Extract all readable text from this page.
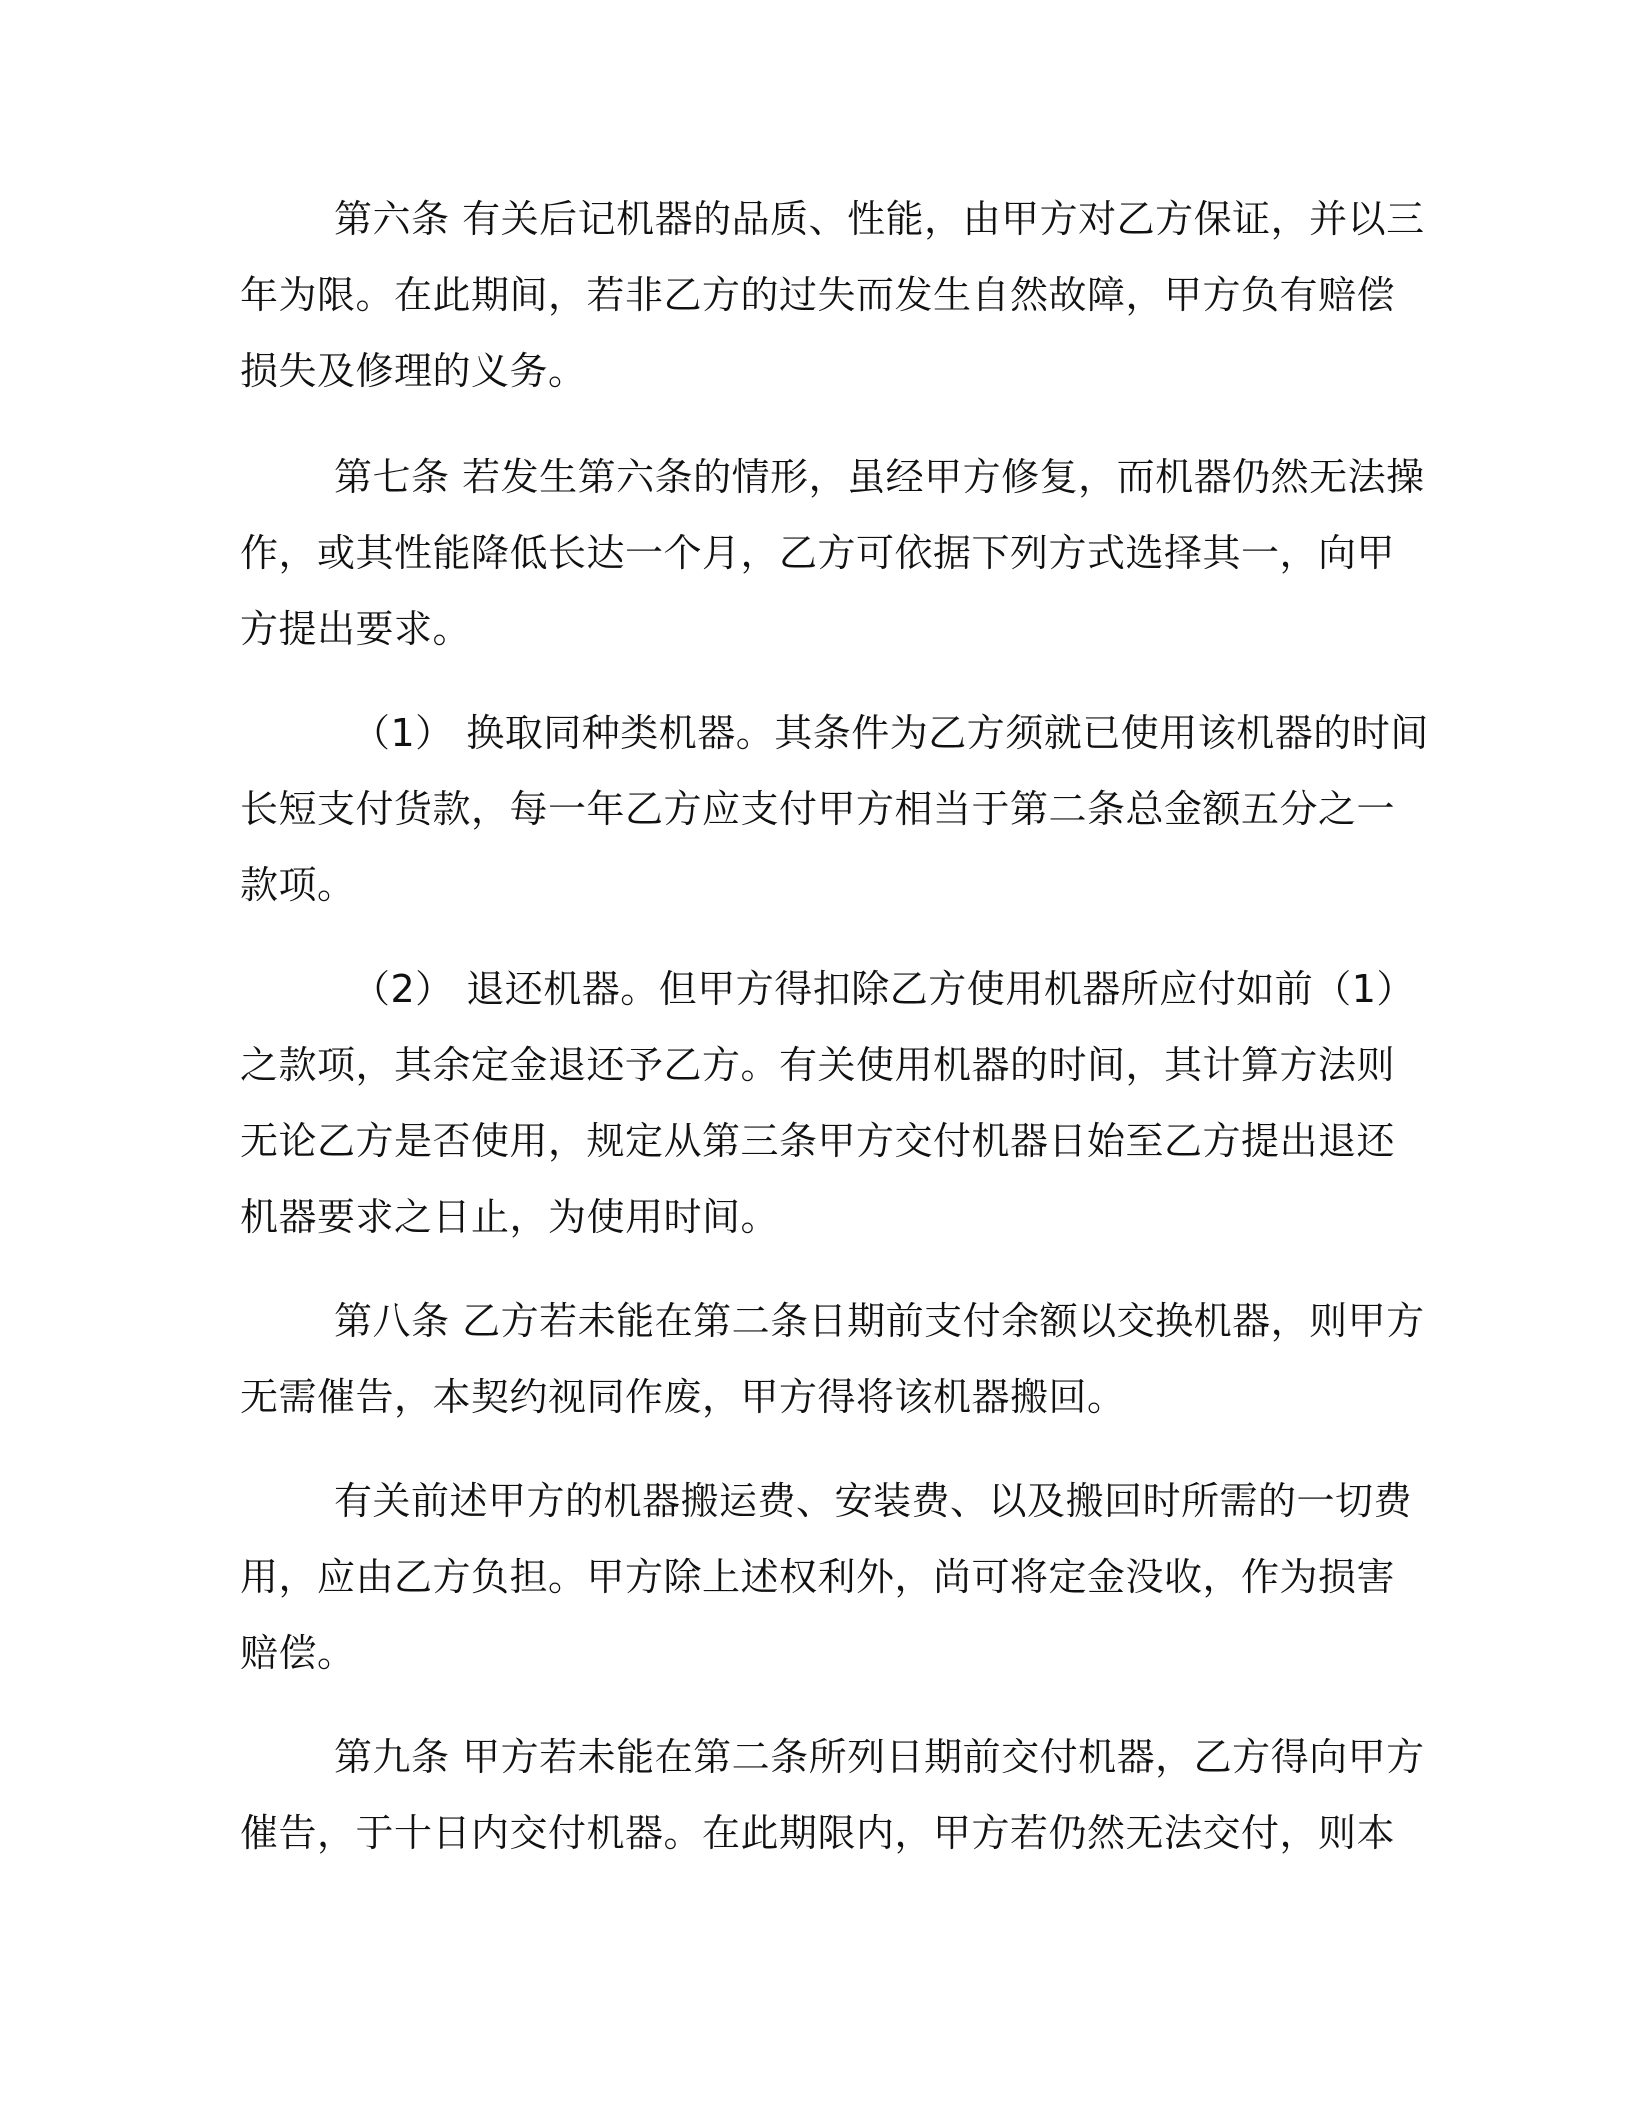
第六条 有关后记机器的品质、性能，由甲方对乙方保证，并以三
年为限。在此期间，若非乙方的过失而发生自然故障，甲方负有赔偿
损失及修理的义务。
第七条 若发生第六条的情形，虽经甲方修复，而机器仍然无法操
作，或其性能降低长达一个月，乙方可依据下列方式选择其一，向甲
方提出要求。
（1） 换取同种类机器。其条件为乙方须就已使用该机器的时间
长短支付货款，每一年乙方应支付甲方相当于第二条总金额五分之一
款项。
（2） 退还机器。但甲方得扣除乙方使用机器所应付如前（1）
之款项，其余定金退还予乙方。有关使用机器的时间，其计算方法则
无论乙方是否使用，规定从第三条甲方交付机器日始至乙方提出退还
机器要求之日止，为使用时间。
第八条 乙方若未能在第二条日期前支付余额以交换机器，则甲方
无需催告，本契约视同作废，甲方得将该机器搬回。
有关前述甲方的机器搬运费、安装费、以及搬回时所需的一切费
用，应由乙方负担。甲方除上述权利外，尚可将定金没收，作为损害
赔偿。
第九条 甲方若未能在第二条所列日期前交付机器，乙方得向甲方
催告，于十日内交付机器。在此期限内，甲方若仍然无法交付，则本
